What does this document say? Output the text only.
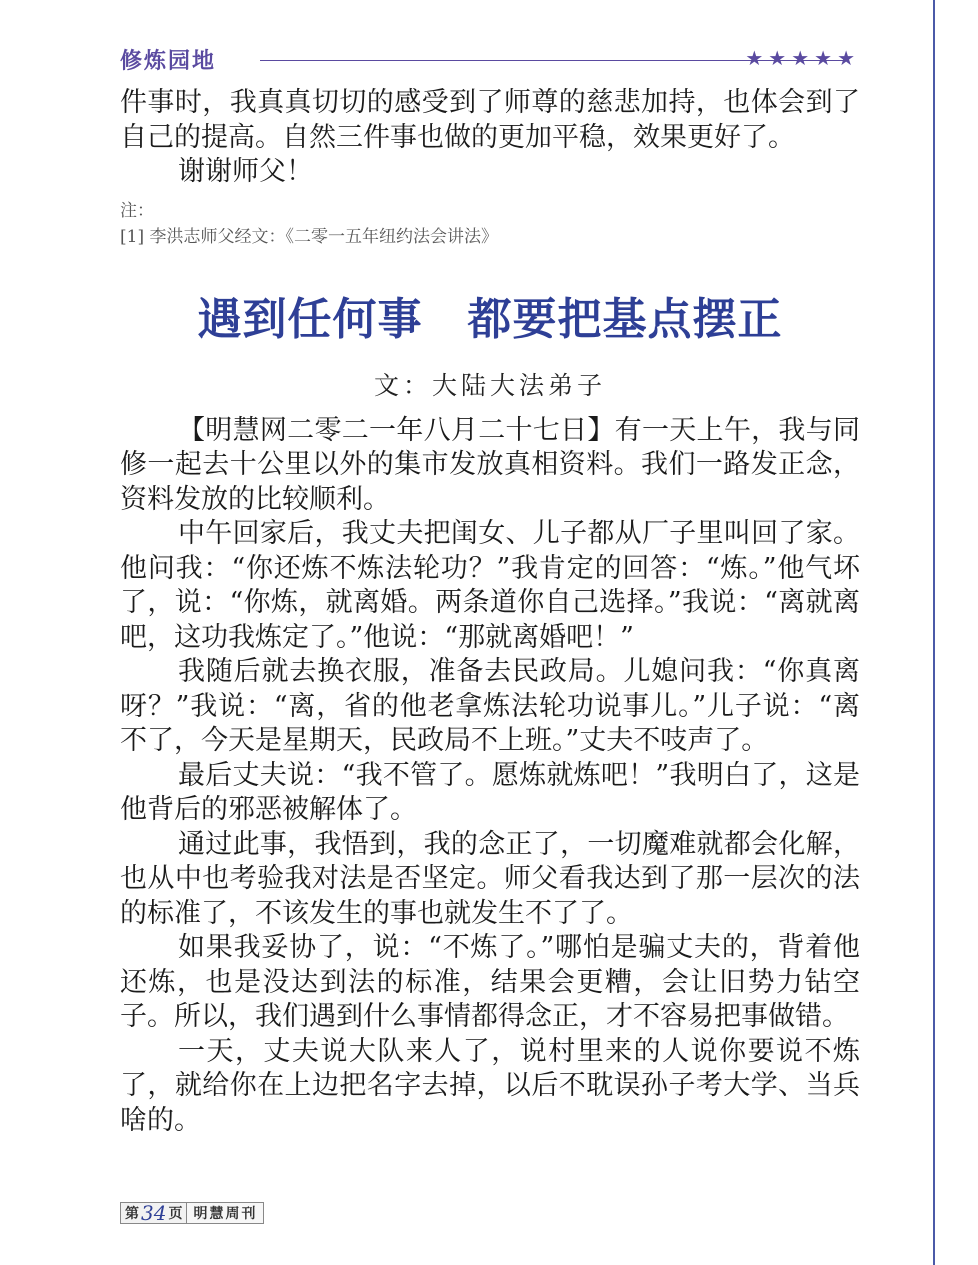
修炼园地	★★★★★

件事时，我真真切切的感受到了师尊的慈悲加持，也体会到了自己的提高。自然三件事也做的更加平稳，效果更好了。

谢谢师父！

注：
[1] 李洪志师父经文：《二零一五年纽约法会讲法》
遇到任何事　都要把基点摆正
文：大陆大法弟子

【明慧网二零二一年八月二十七日】有一天上午，我与同修一起去十公里以外的集市发放真相资料。我们一路发正念，资料发放的比较顺利。

中午回家后，我丈夫把闺女、儿子都从厂子里叫回了家。他问我：“你还炼不炼法轮功？”我肯定的回答：“炼。”他气坏了，说：“你炼，就离婚。两条道你自己选择。”我说：“离就离吧，这功我炼定了。”他说：“那就离婚吧！”

我随后就去换衣服，准备去民政局。儿媳问我：“你真离呀？”我说：“离，省的他老拿炼法轮功说事儿。”儿子说：“离不了，今天是星期天，民政局不上班。”丈夫不吱声了。

最后丈夫说：“我不管了。愿炼就炼吧！”我明白了，这是他背后的邪恶被解体了。

通过此事，我悟到，我的念正了，一切魔难就都会化解，也从中也考验我对法是否坚定。师父看我达到了那一层次的法的标准了，不该发生的事也就发生不了了。

如果我妥协了，说：“不炼了。”哪怕是骗丈夫的，背着他还炼，也是没达到法的标准，结果会更糟，会让旧势力钻空子。所以，我们遇到什么事情都得念正，才不容易把事做错。

一天，丈夫说大队来人了，说村里来的人说你要说不炼了，就给你在上边把名字去掉，以后不耽误孙子考大学、当兵啥的。

第 34 页 明慧周刊
